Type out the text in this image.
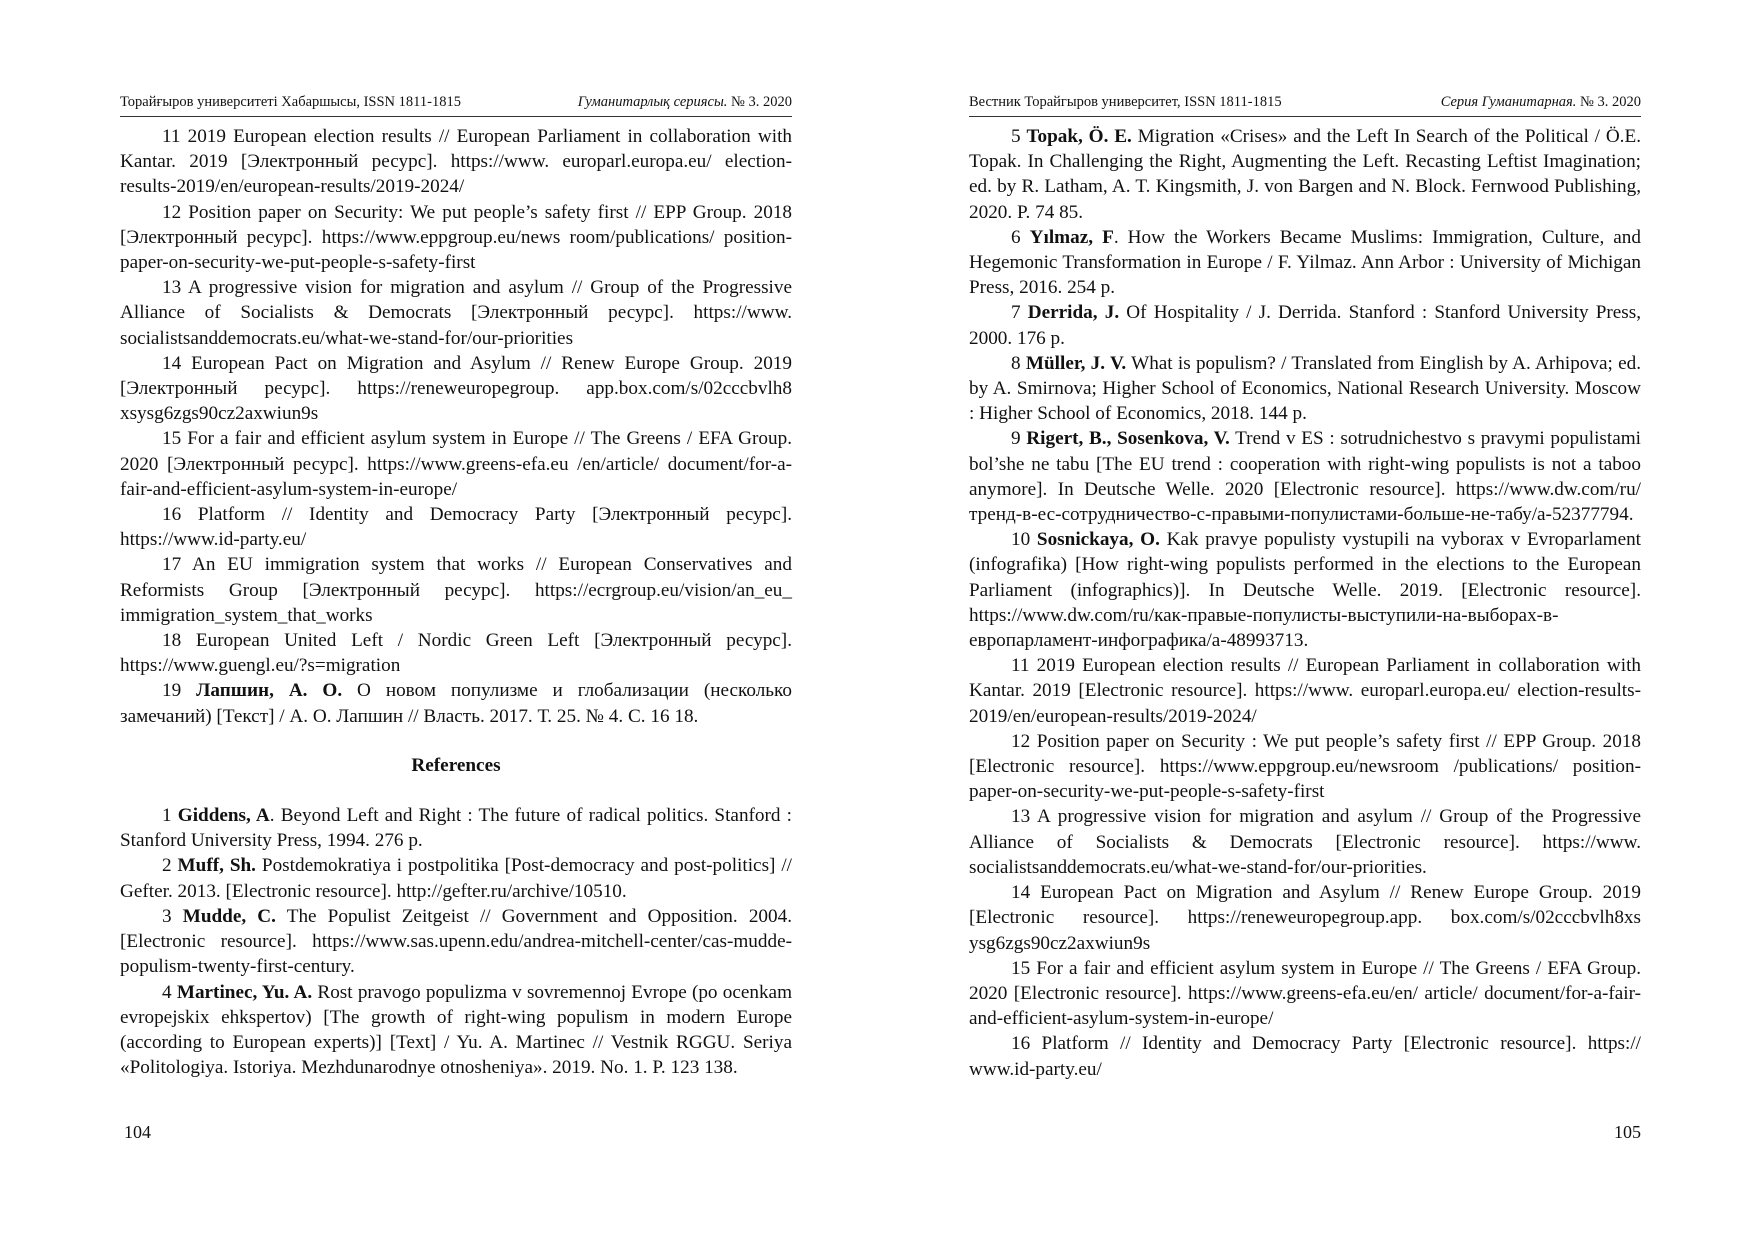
Торайғыров университеті Хабаршысы, ISSN 1811-1815	Гуманитарлық сериясы. № 3. 2020

11 2019 European election results // European Parliament in collaboration with Kantar. 2019 [Электронный ресурс]. https://www. europarl.europa.eu/ election-results-2019/en/european-results/2019-2024/

12 Position paper on Security: We put people’s safety first // EPP Group. 2018 [Электронный ресурс]. https://www.eppgroup.eu/news room/publications/ position-paper-on-security-we-put-people-s-safety-first

13 A progressive vision for migration and asylum // Group of the Progressive Alliance of Socialists & Democrats [Электронный ресурс]. https://www. socialistsanddemocrats.eu/what-we-stand-for/our-priorities

14 European Pact on Migration and Asylum // Renew Europe Group. 2019 [Электронный ресурс]. https://reneweuropegroup. app.box.com/s/02cccbvlh8 xsysg6zgs90cz2axwiun9s

15 For a fair and efficient asylum system in Europe // The Greens / EFA Group. 2020 [Электронный ресурс]. https://www.greens-efa.eu /en/article/ document/for-a-fair-and-efficient-asylum-system-in-europe/

16 Platform // Identity and Democracy Party [Электронный ресурс]. https://www.id-party.eu/

17 An EU immigration system that works // European Conservatives and Reformists Group [Электронный ресурс]. https://ecrgroup.eu/vision/an_eu_ immigration_system_that_works

18 European United Left / Nordic Green Left [Электронный ресурс]. https://www.guengl.eu/?s=migration

19 Лапшин, А. О. О новом популизме и глобализации (несколько замечаний) [Текст] / А. О. Лапшин // Власть. 2017. Т. 25. № 4. С. 16 18.

References

1 Giddens, A. Beyond Left and Right : The future of radical politics. Stanford : Stanford University Press, 1994. 276 p.

2 Muff, Sh. Postdemokratiya i postpolitika [Post-democracy and post-politics] // Gefter. 2013. [Electronic resource]. http://gefter.ru/archive/10510.

3 Mudde, C. The Populist Zeitgeist // Government and Opposition. 2004. [Electronic resource]. https://www.sas.upenn.edu/andrea-mitchell-center/cas-mudde-populism-twenty-first-century.

4 Martinec, Yu. A. Rost pravogo populizma v sovremennoj Evrope (po ocenkam evropejskix ehkspertov) [The growth of right-wing populism in modern Europe (according to European experts)] [Text] / Yu. A. Martinec // Vestnik RGGU. Seriya «Politologiya. Istoriya. Mezhdunarodnye otnosheniya». 2019. No. 1. P. 123 138.

104
Вестник Торайгыров университет, ISSN 1811-1815	Серия Гуманитарная. № 3. 2020

5 Topak, Ö. E. Migration «Crises» and the Left In Search of the Political / Ö.E. Topak. In Challenging the Right, Augmenting the Left. Recasting Leftist Imagination; ed. by R. Latham, A. T. Kingsmith, J. von Bargen and N. Block. Fernwood Publishing, 2020. P. 74 85.

6 Yılmaz, F. How the Workers Became Muslims: Immigration, Culture, and Hegemonic Transformation in Europe / F. Yilmaz. Ann Arbor : University of Michigan Press, 2016. 254 p.

7 Derrida, J. Of Hospitality / J. Derrida. Stanford : Stanford University Press, 2000. 176 p.

8 Müller, J. V. What is populism? / Translated from Einglish by A. Arhipova; ed. by A. Smirnova; Higher School of Economics, National Research University. Moscow : Higher School of Economics, 2018. 144 p.

9 Rigert, B., Sosenkova, V. Trend v ES : sotrudnichestvo s pravymi populistami bol’she ne tabu [The EU trend : cooperation with right-wing populists is not a taboo anymore]. In Deutsche Welle. 2020 [Electronic resource]. https://www.dw.com/ru/тренд-в-ес-сотрудничество-с-правыми-популистами-больше-не-табу/a-52377794.

10 Sosnickaya, O. Kak pravye populisty vystupili na vyborax v Evroparlament (infografika) [How right-wing populists performed in the elections to the European Parliament (infographics)]. In Deutsche Welle. 2019. [Electronic resource]. https://www.dw.com/ru/как-правые-популисты-выступили-на-выборах-в-европарламент-инфографика/a-48993713.

11 2019 European election results // European Parliament in collaboration with Kantar. 2019 [Electronic resource]. https://www. europarl.europa.eu/ election-results-2019/en/european-results/2019-2024/

12 Position paper on Security : We put people’s safety first // EPP Group. 2018 [Electronic resource]. https://www.eppgroup.eu/newsroom /publications/ position-paper-on-security-we-put-people-s-safety-first

13 A progressive vision for migration and asylum // Group of the Progressive Alliance of Socialists & Democrats [Electronic resource]. https://www. socialistsanddemocrats.eu/what-we-stand-for/our-priorities.

14 European Pact on Migration and Asylum // Renew Europe Group. 2019 [Electronic resource]. https://reneweuropegroup.app. box.com/s/02cccbvlh8xs ysg6zgs90cz2axwiun9s

15 For a fair and efficient asylum system in Europe // The Greens / EFA Group. 2020 [Electronic resource]. https://www.greens-efa.eu/en/ article/ document/for-a-fair-and-efficient-asylum-system-in-europe/

16 Platform // Identity and Democracy Party [Electronic resource]. https:// www.id-party.eu/

105
